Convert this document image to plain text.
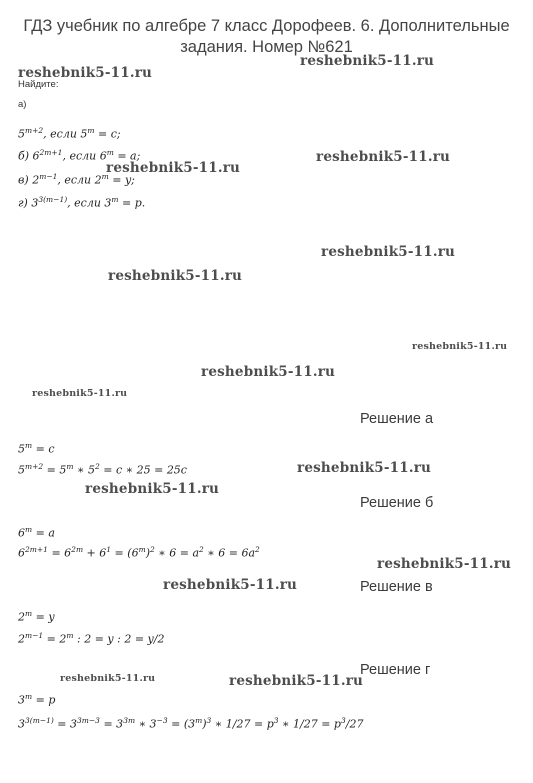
ГДЗ учебник по алгебре 7 класс Дорофеев. 6. Дополнительные
задания. Номер №621
reshebnik5-11.ru
reshebnik5-11.ru
reshebnik5-11.ru
reshebnik5-11.ru
reshebnik5-11.ru
reshebnik5-11.ru
reshebnik5-11.ru
reshebnik5-11.ru
reshebnik5-11.ru
reshebnik5-11.ru
reshebnik5-11.ru
reshebnik5-11.ru
reshebnik5-11.ru
reshebnik5-11.ru	reshebnik5-11.ru
Найдите:
а)
$5^{m+2}$, если $5^m = c$;
б) $6^{2m+1}$, если $6^m = a$;
в) $2^{m-1}$, если $2^m = y$;
г) $3^{3(m-1)}$, если $3^m = p$.
Решение а
$5^m = c$
$5^{m+2} = 5^m$ ∗ $5^2 = c$ ∗ 25 = 25c
Решение б
$6^m = a$
$6^{2m+1} = 6^{2m} + 6^1 = (6^m)^2$ ∗ $6 = a^2$ ∗ $6 = 6a^2$
Решение в
$2^m = y$
$2^{m-1} = 2^m$ : 2 = y : 2 = y/2
Решение г
$3^m = p$
$3^{3(m-1)} = 3^{3m-3} = 3^{3m}$ ∗ $3^{-3} = (3^m)^3$ ∗ $1/27 = p^3$ ∗ $1/27 = p^3/27$
